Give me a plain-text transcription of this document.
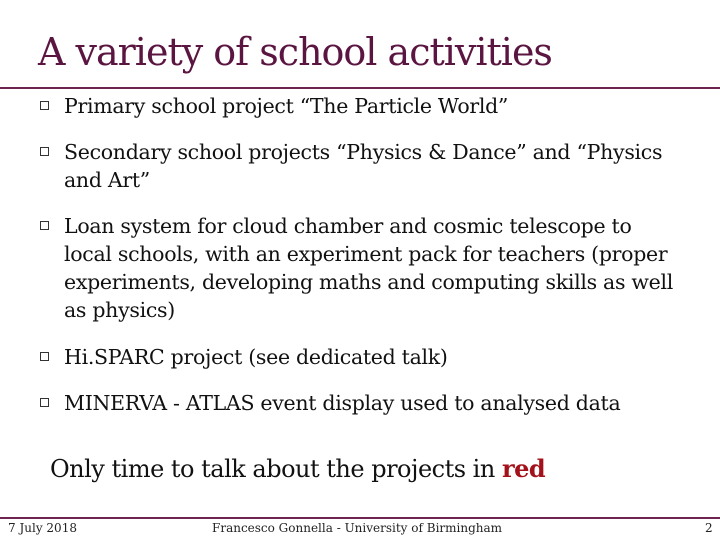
A variety of school activities
Primary school project “The Particle World”
Secondary school projects “Physics & Dance” and “Physics and Art”
Loan system for cloud chamber and cosmic telescope to local schools, with an experiment pack for teachers (proper experiments, developing maths and computing skills as well as physics)
Hi.SPARC project (see dedicated talk)
MINERVA - ATLAS event display used to analysed data
Only time to talk about the projects in red
7 July 2018	Francesco Gonnella - University of Birmingham	2
